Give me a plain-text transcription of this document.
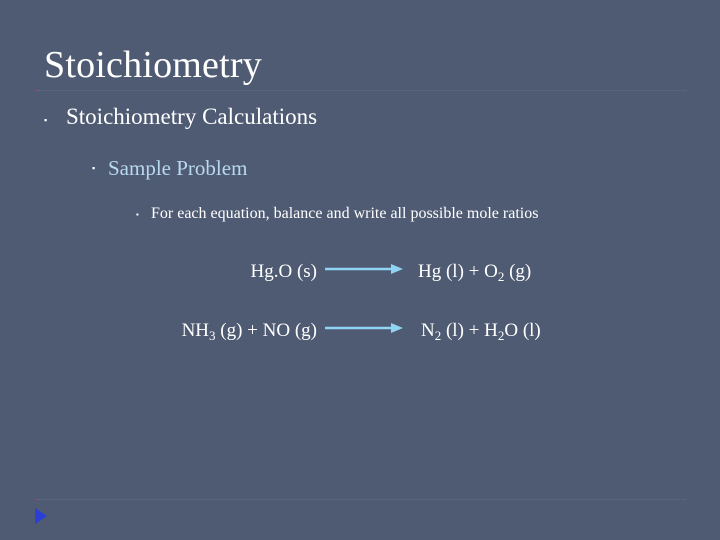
Stoichiometry
▪ Stoichiometry Calculations
▪ Sample Problem
▪ For each equation, balance and write all possible mole ratios
Hg.O (s)	Hg $(l) + O_2$ (g)
$NH_3$ (g) + NO (g)	$N_2$ $(l) + H_2O$ (l)
